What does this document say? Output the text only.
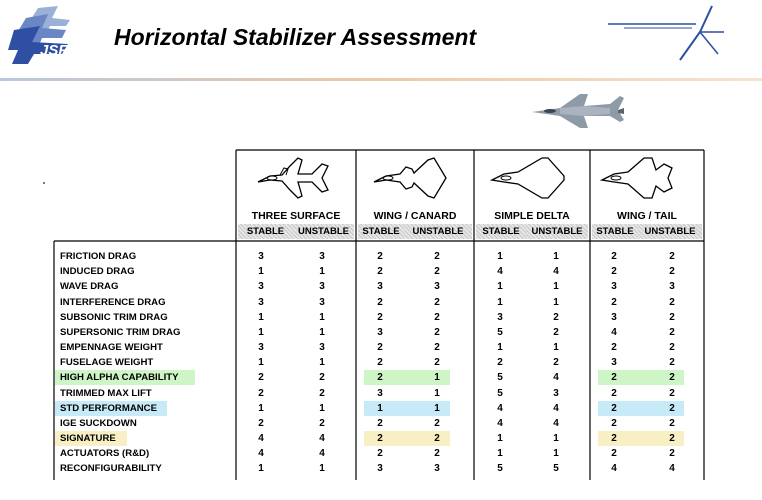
JSF
Horizontal Stabilizer Assessment
THREE SURFACE	WING / CANARD	SIMPLE DELTA	WING / TAIL
STABLE	UNSTABLE	STABLE	UNSTABLE	STABLE	UNSTABLE	STABLE	UNSTABLE
FRICTION DRAG	3	3	2	2	1	1	2	2
INDUCED DRAG	1	1	2	2	4	4	2	2
WAVE DRAG	3	3	3	3	1	1	3	3
INTERFERENCE DRAG	3	3	2	2	1	1	2	2
SUBSONIC TRIM DRAG	1	1	2	2	3	2	3	2
SUPERSONIC TRIM DRAG	1	1	3	2	5	2	4	2
EMPENNAGE WEIGHT	3	3	2	2	1	1	2	2
FUSELAGE WEIGHT	1	1	2	2	2	2	3	2
HIGH ALPHA CAPABILITY	2	2	2	1	5	4	2	2
TRIMMED MAX LIFT	2	2	3	1	5	3	2	2
STD PERFORMANCE	1	1	1	1	4	4	2	2
IGE SUCKDOWN	2	2	2	2	4	4	2	2
SIGNATURE	4	4	2	2	1	1	2	2
ACTUATORS (R&D)	4	4	2	2	1	1	2	2
RECONFIGURABILITY	1	1	3	3	5	5	4	4
